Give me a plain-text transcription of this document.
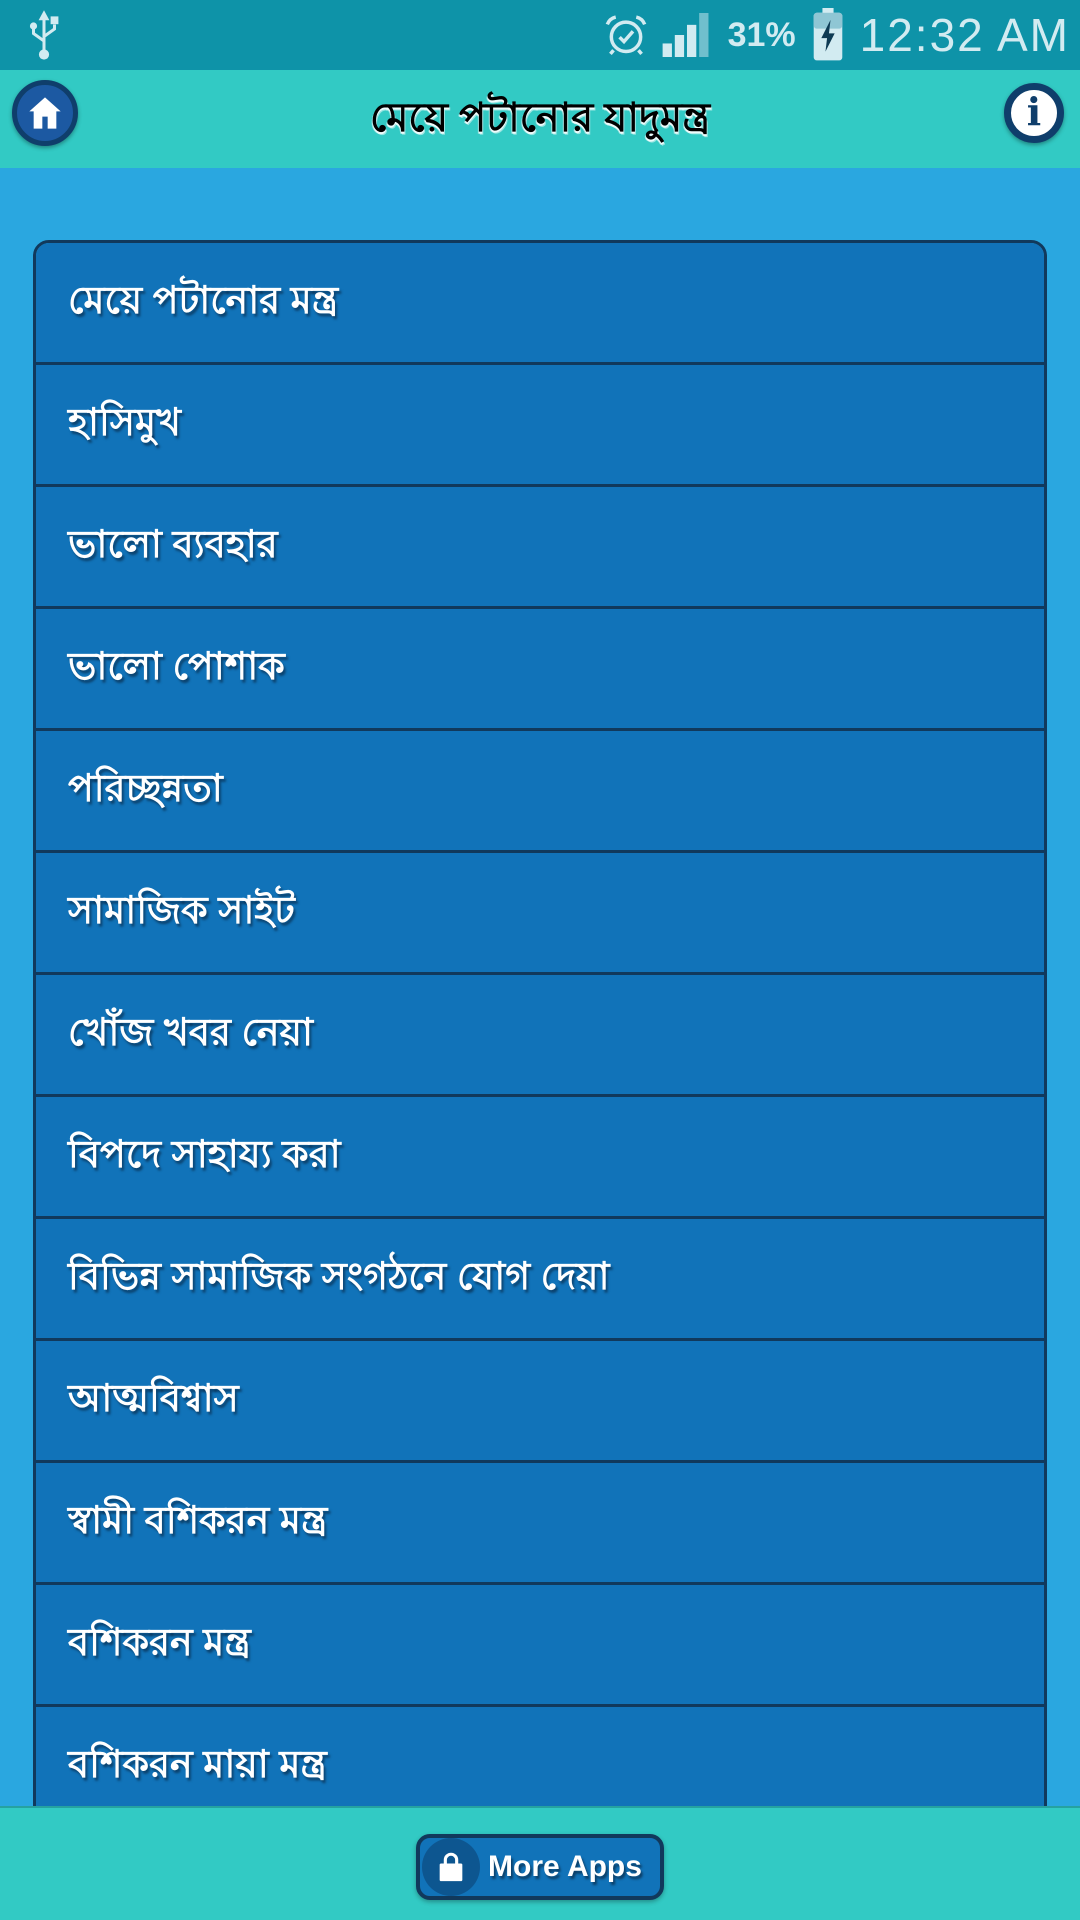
31% 12:32 AM
মেয়ে পটানোর যাদুমন্ত্র	i
মেয়ে পটানোর মন্ত্র
হাসিমুখ
ভালো ব্যবহার
ভালো পোশাক
পরিচ্ছন্নতা
সামাজিক সাইট
খোঁজ খবর নেয়া
বিপদে সাহায্য করা
বিভিন্ন সামাজিক সংগঠনে যোগ দেয়া
আত্মবিশ্বাস
স্বামী বশিকরন মন্ত্র
বশিকরন মন্ত্র
বশিকরন মায়া মন্ত্র
More Apps
